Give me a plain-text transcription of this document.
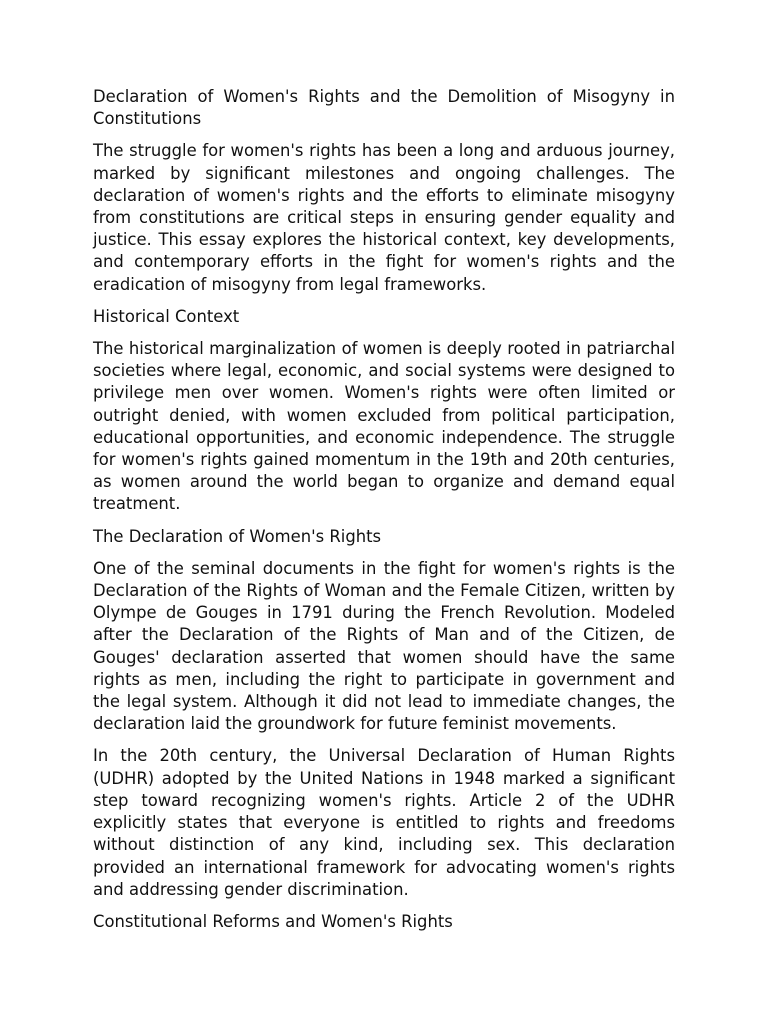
Declaration of Women's Rights and the Demolition of Misogyny in Constitutions

The struggle for women's rights has been a long and arduous journey, marked by significant milestones and ongoing challenges. The declaration of women's rights and the efforts to eliminate misogyny from constitutions are critical steps in ensuring gender equality and justice. This essay explores the historical context, key developments, and contemporary efforts in the fight for women's rights and the eradication of misogyny from legal frameworks.

Historical Context

The historical marginalization of women is deeply rooted in patriarchal societies where legal, economic, and social systems were designed to privilege men over women. Women's rights were often limited or outright denied, with women excluded from political participation, educational opportunities, and economic independence. The struggle for women's rights gained momentum in the 19th and 20th centuries, as women around the world began to organize and demand equal treatment.

The Declaration of Women's Rights

One of the seminal documents in the fight for women's rights is the Declaration of the Rights of Woman and the Female Citizen, written by Olympe de Gouges in 1791 during the French Revolution. Modeled after the Declaration of the Rights of Man and of the Citizen, de Gouges' declaration asserted that women should have the same rights as men, including the right to participate in government and the legal system. Although it did not lead to immediate changes, the declaration laid the groundwork for future feminist movements.

In the 20th century, the Universal Declaration of Human Rights (UDHR) adopted by the United Nations in 1948 marked a significant step toward recognizing women's rights. Article 2 of the UDHR explicitly states that everyone is entitled to rights and freedoms without distinction of any kind, including sex. This declaration provided an international framework for advocating women's rights and addressing gender discrimination.

Constitutional Reforms and Women's Rights
